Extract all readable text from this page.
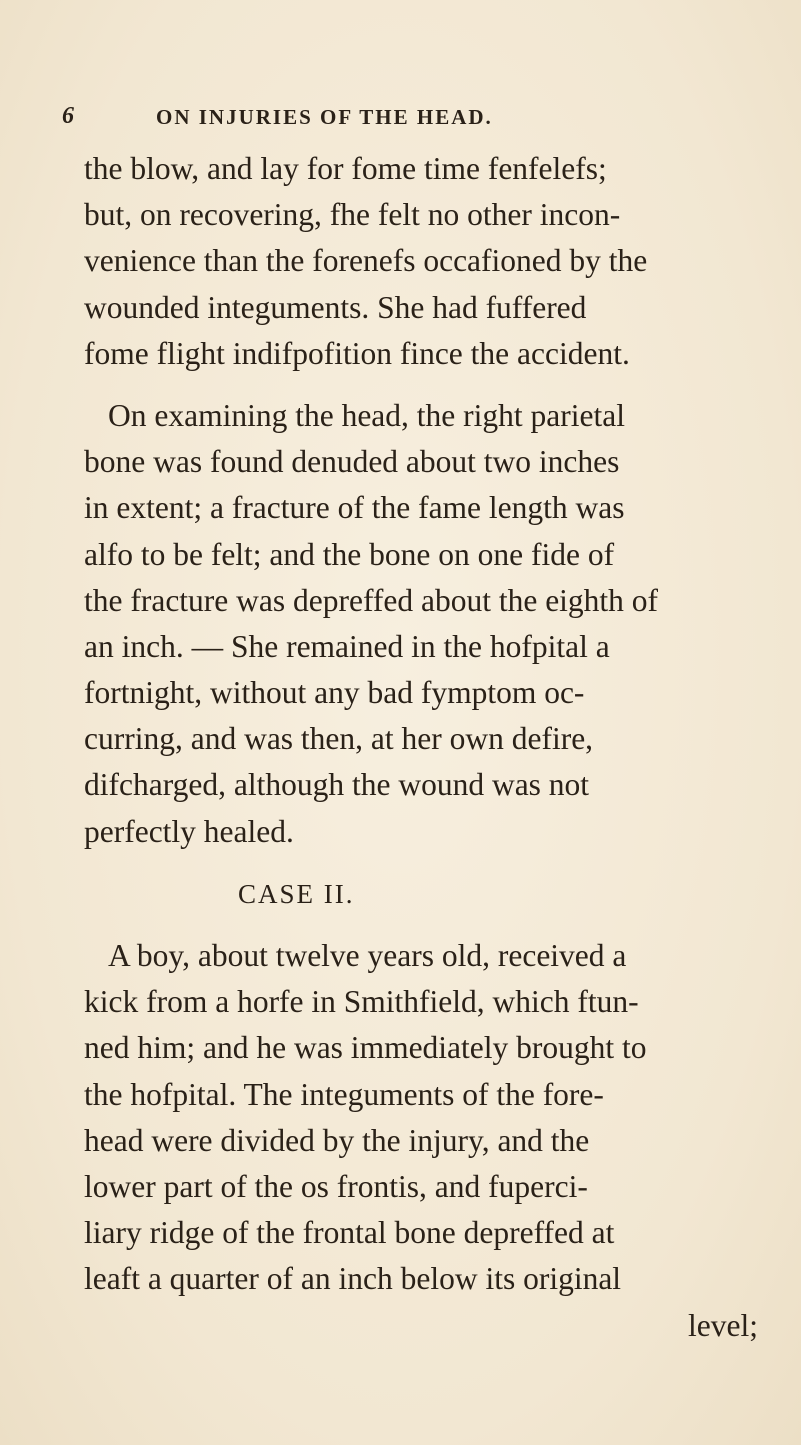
6	ON INJURIES OF THE HEAD.
the blow, and lay for fome time fenfelefs;
but, on recovering, fhe felt no other incon-
venience than the forenefs occafioned by the
wounded integuments. She had fuffered
fome flight indifpofition fince the accident.
On examining the head, the right parietal
bone was found denuded about two inches
in extent; a fracture of the fame length was
alfo to be felt; and the bone on one fide of
the fracture was depreffed about the eighth of
an inch. — She remained in the hofpital a
fortnight, without any bad fymptom oc-
curring, and was then, at her own defire,
difcharged, although the wound was not
perfectly healed.
CASE II.
A boy, about twelve years old, received a
kick from a horfe in Smithfield, which ftun-
ned him; and he was immediately brought to
the hofpital. The integuments of the fore-
head were divided by the injury, and the
lower part of the os frontis, and fuperci-
liary ridge of the frontal bone depreffed at
leaft a quarter of an inch below its original
level;
